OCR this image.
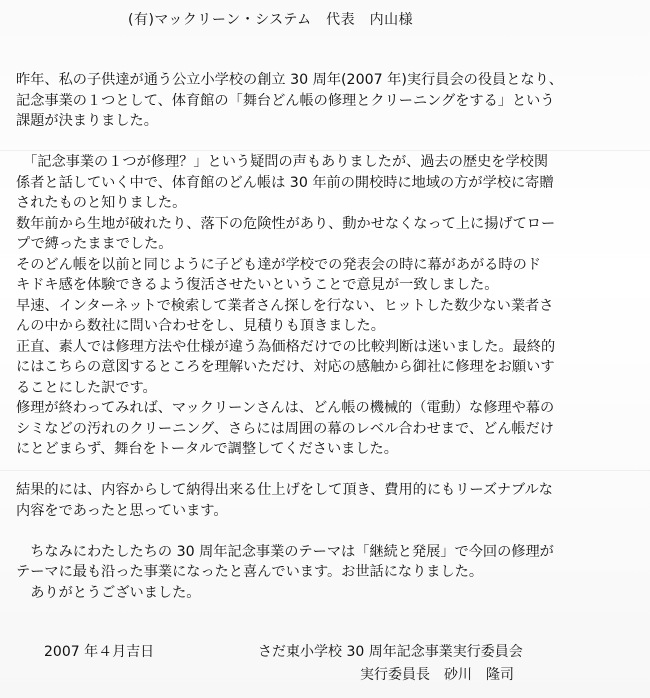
(有)マックリーン・システム　代表　内山様
昨年、私の子供達が通う公立小学校の創立 30 周年(2007 年)実行員会の役員となり、
記念事業の１つとして、体育館の「舞台どん帳の修理とクリーニングをする」という
課題が決まりました。
　「記念事業の１つが修理？」という疑問の声もありましたが、過去の歴史を学校関
係者と話していく中で、体育館のどん帳は 30 年前の開校時に地域の方が学校に寄贈
されたものと知りました。
数年前から生地が破れたり、落下の危険性があり、動かせなくなって上に揚げてロー
プで縛ったままでした。
そのどん帳を以前と同じように子ども達が学校での発表会の時に幕があがる時のド
キドキ感を体験できるよう復活させたいということで意見が一致しました。
早速、インターネットで検索して業者さん探しを行ない、ヒットした数少ない業者さ
んの中から数社に問い合わせをし、見積りも頂きました。
正直、素人では修理方法や仕様が違う為価格だけでの比較判断は迷いました。最終的
にはこちらの意図するところを理解いただけ、対応の感触から御社に修理をお願いす
ることにした訳です。
修理が終わってみれば、マックリーンさんは、どん帳の機械的（電動）な修理や幕の
シミなどの汚れのクリーニング、さらには周囲の幕のレベル合わせまで、どん帳だけ
にとどまらず、舞台をトータルで調整してくださいました。
結果的には、内容からして納得出来る仕上げをして頂き、費用的にもリーズナブルな
内容をであったと思っています。
　ちなみにわたしたちの 30 周年記念事業のテーマは「継続と発展」で今回の修理が
テーマに最も沿った事業になったと喜んでいます。お世話になりました。
　ありがとうございました。
2007 年４月吉日	さだ東小学校 30 周年記念事業実行委員会
実行委員長　砂川　隆司
